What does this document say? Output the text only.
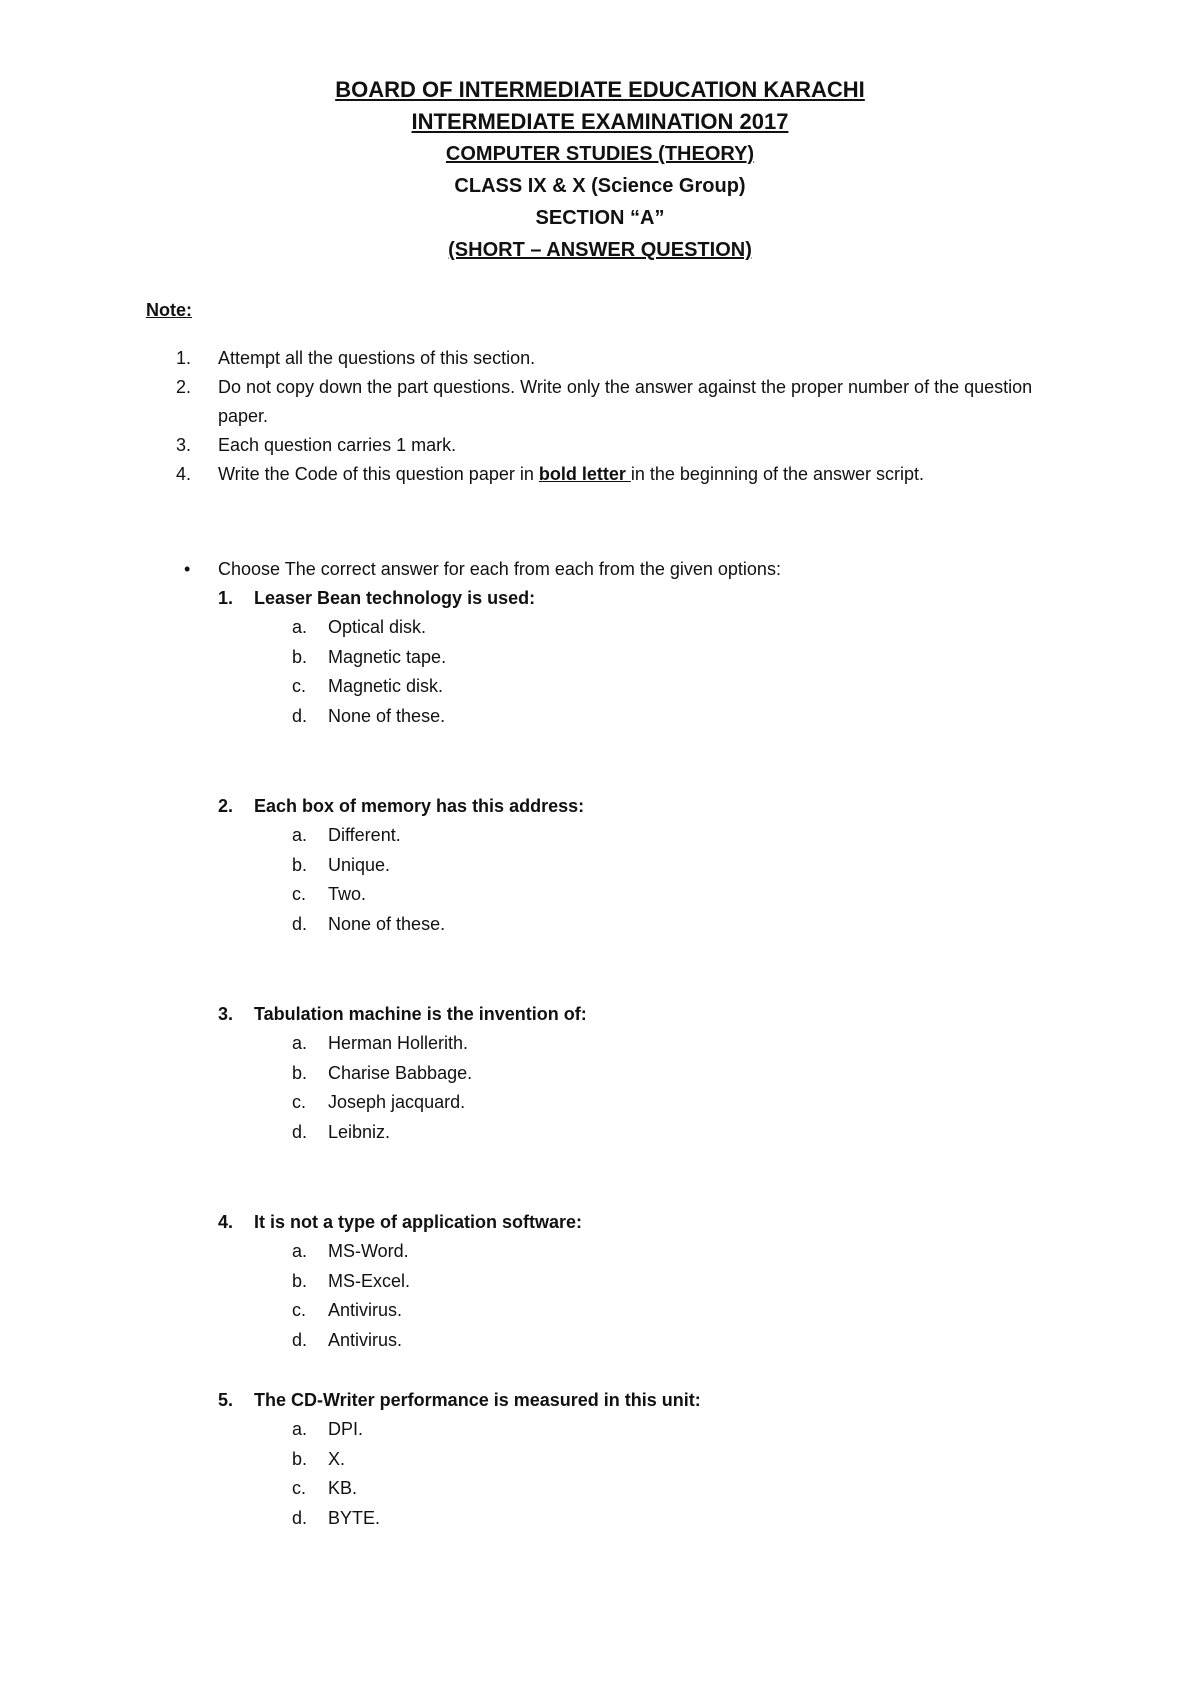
BOARD OF INTERMEDIATE EDUCATION KARACHI
INTERMEDIATE EXAMINATION 2017
COMPUTER STUDIES (THEORY)
CLASS IX & X (Science Group)
SECTION “A”
(SHORT – ANSWER QUESTION)
Note:
1. Attempt all the questions of this section.
2. Do not copy down the part questions. Write only the answer against the proper number of the question paper.
3. Each question carries 1 mark.
4. Write the Code of this question paper in bold letter in the beginning of the answer script.
• Choose The correct answer for each from each from the given options:
1. Leaser Bean technology is used:
a. Optical disk.
b. Magnetic tape.
c. Magnetic disk.
d. None of these.
2. Each box of memory has this address:
a. Different.
b. Unique.
c. Two.
d. None of these.
3. Tabulation machine is the invention of:
a. Herman Hollerith.
b. Charise Babbage.
c. Joseph jacquard.
d. Leibniz.
4. It is not a type of application software:
a. MS-Word.
b. MS-Excel.
c. Antivirus.
d. Antivirus.
5. The CD-Writer performance is measured in this unit:
a. DPI.
b. X.
c. KB.
d. BYTE.
